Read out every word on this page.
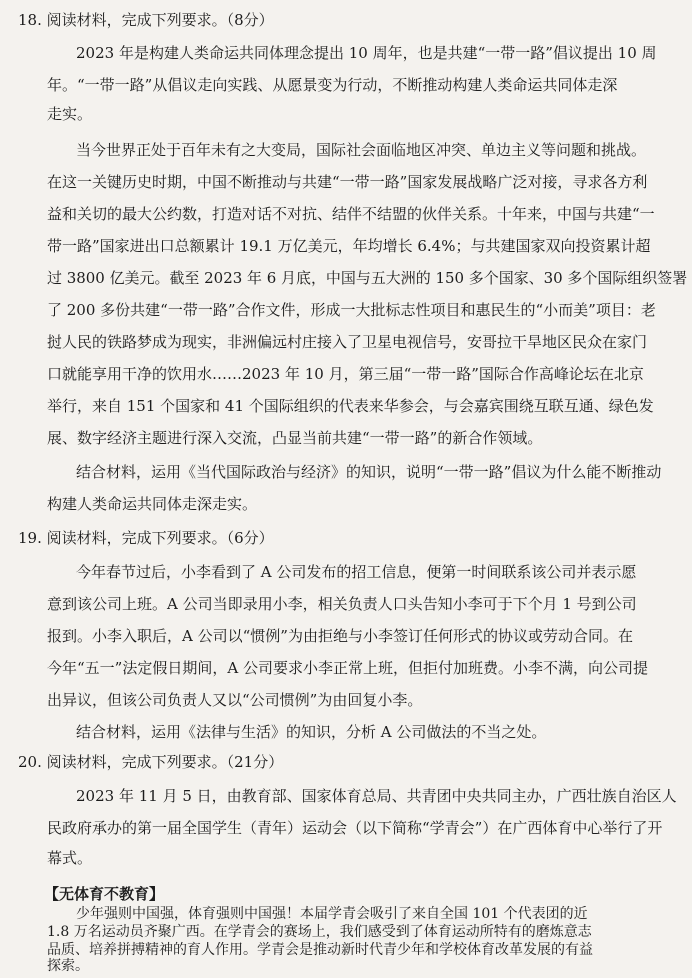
18. 阅读材料，完成下列要求。（8分）
2023 年是构建人类命运共同体理念提出 10 周年，也是共建“一带一路”倡议提出 10 周
年。“一带一路”从倡议走向实践、从愿景变为行动，不断推动构建人类命运共同体走深
走实。
当今世界正处于百年未有之大变局，国际社会面临地区冲突、单边主义等问题和挑战。
在这一关键历史时期，中国不断推动与共建“一带一路”国家发展战略广泛对接，寻求各方利
益和关切的最大公约数，打造对话不对抗、结伴不结盟的伙伴关系。十年来，中国与共建“一
带一路”国家进出口总额累计 19.1 万亿美元，年均增长 6.4%；与共建国家双向投资累计超
过 3800 亿美元。截至 2023 年 6 月底，中国与五大洲的 150 多个国家、30 多个国际组织签署
了 200 多份共建“一带一路”合作文件，形成一大批标志性项目和惠民生的“小而美”项目：老
挝人民的铁路梦成为现实，非洲偏远村庄接入了卫星电视信号，安哥拉干旱地区民众在家门
口就能享用干净的饮用水……2023 年 10 月，第三届“一带一路”国际合作高峰论坛在北京
举行，来自 151 个国家和 41 个国际组织的代表来华参会，与会嘉宾围绕互联互通、绿色发
展、数字经济主题进行深入交流，凸显当前共建“一带一路”的新合作领域。
结合材料，运用《当代国际政治与经济》的知识，说明“一带一路”倡议为什么能不断推动
构建人类命运共同体走深走实。
19. 阅读材料，完成下列要求。（6分）
今年春节过后，小李看到了 A 公司发布的招工信息，便第一时间联系该公司并表示愿
意到该公司上班。A 公司当即录用小李，相关负责人口头告知小李可于下个月 1 号到公司
报到。小李入职后，A 公司以“惯例”为由拒绝与小李签订任何形式的协议或劳动合同。在
今年“五一”法定假日期间，A 公司要求小李正常上班，但拒付加班费。小李不满，向公司提
出异议，但该公司负责人又以“公司惯例”为由回复小李。
结合材料，运用《法律与生活》的知识，分析 A 公司做法的不当之处。
20. 阅读材料，完成下列要求。（21分）
2023 年 11 月 5 日，由教育部、国家体育总局、共青团中央共同主办，广西壮族自治区人
民政府承办的第一届全国学生（青年）运动会（以下简称“学青会”）在广西体育中心举行了开
幕式。
【无体育不教育】
少年强则中国强，体育强则中国强！本届学青会吸引了来自全国 101 个代表团的近
1.8 万名运动员齐聚广西。在学青会的赛场上，我们感受到了体育运动所特有的磨炼意志
品质、培养拼搏精神的育人作用。学青会是推动新时代青少年和学校体育改革发展的有益
探索。
